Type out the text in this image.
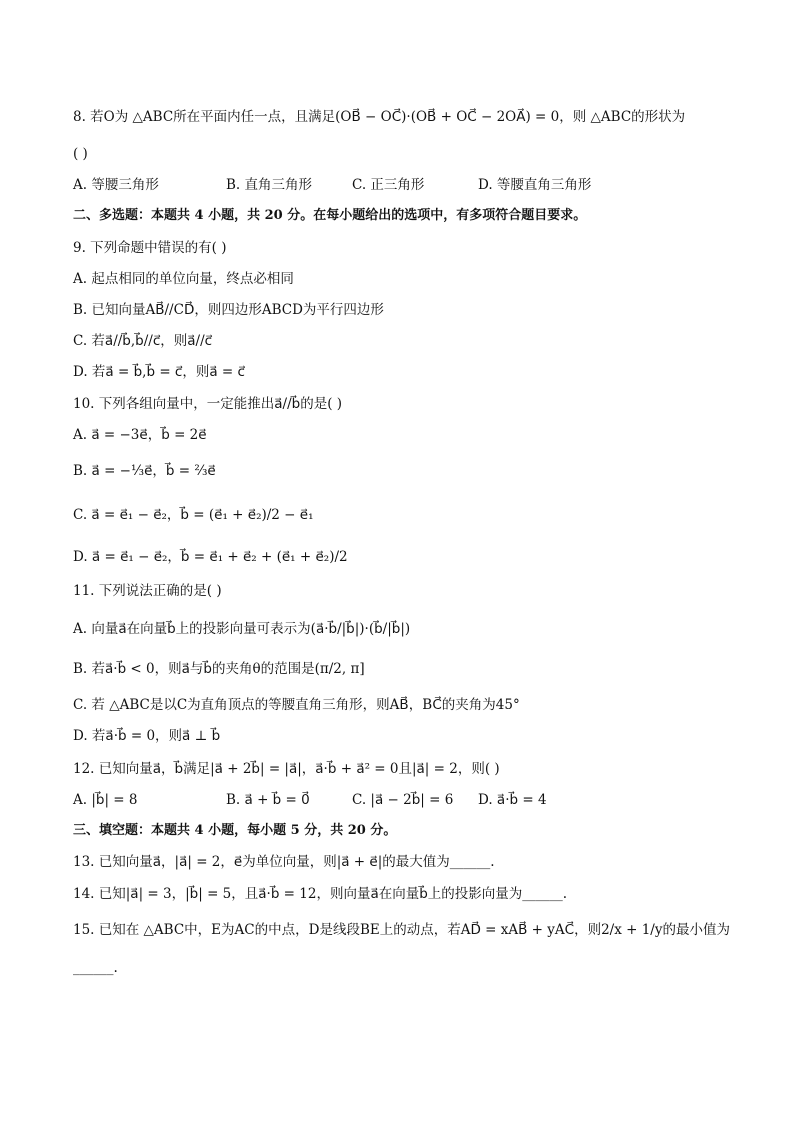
8. 若O为 △ABC所在平面内任一点，且满足(OB⃗ − OC⃗)·(OB⃗ + OC⃗ − 2OA⃗) = 0，则 △ABC的形状为
( )
A. 等腰三角形	B. 直角三角形	C. 正三角形	D. 等腰直角三角形
二、多选题：本题共 4 小题，共 20 分。在每小题给出的选项中，有多项符合题目要求。
9. 下列命题中错误的有( )
A. 起点相同的单位向量，终点必相同
B. 已知向量AB⃗//CD⃗，则四边形ABCD为平行四边形
C. 若a⃗//b⃗,b⃗//c⃗，则a⃗//c⃗
D. 若a⃗ = b⃗,b⃗ = c⃗，则a⃗ = c⃗
10. 下列各组向量中，一定能推出a⃗//b⃗的是( )
A. a⃗ = −3e⃗，b⃗ = 2e⃗
B. a⃗ = −⅓e⃗，b⃗ = ⅔e⃗
C. a⃗ = e⃗₁ − e⃗₂，b⃗ = (e⃗₁ + e⃗₂)/2 − e⃗₁
D. a⃗ = e⃗₁ − e⃗₂，b⃗ = e⃗₁ + e⃗₂ + (e⃗₁ + e⃗₂)/2
11. 下列说法正确的是( )
A. 向量a⃗在向量b⃗上的投影向量可表示为(a⃗·b⃗/|b⃗|)·(b⃗/|b⃗|)
B. 若a⃗·b⃗ < 0，则a⃗与b⃗的夹角θ的范围是(π/2, π]
C. 若 △ABC是以C为直角顶点的等腰直角三角形，则AB⃗，BC⃗的夹角为45°
D. 若a⃗·b⃗ = 0，则a⃗ ⊥ b⃗
12. 已知向量a⃗，b⃗满足|a⃗ + 2b⃗| = |a⃗|，a⃗·b⃗ + a⃗² = 0且|a⃗| = 2，则( )
A. |b⃗| = 8	B. a⃗ + b⃗ = 0⃗	C. |a⃗ − 2b⃗| = 6 D. a⃗·b⃗ = 4
三、填空题：本题共 4 小题，每小题 5 分，共 20 分。
13. 已知向量a⃗，|a⃗| = 2，e⃗为单位向量，则|a⃗ + e⃗|的最大值为______.
14. 已知|a⃗| = 3，|b⃗| = 5，且a⃗·b⃗ = 12，则向量a⃗在向量b⃗上的投影向量为______.
15. 已知在 △ABC中，E为AC的中点，D是线段BE上的动点，若AD⃗ = xAB⃗ + yAC⃗，则2/x + 1/y的最小值为
______.
